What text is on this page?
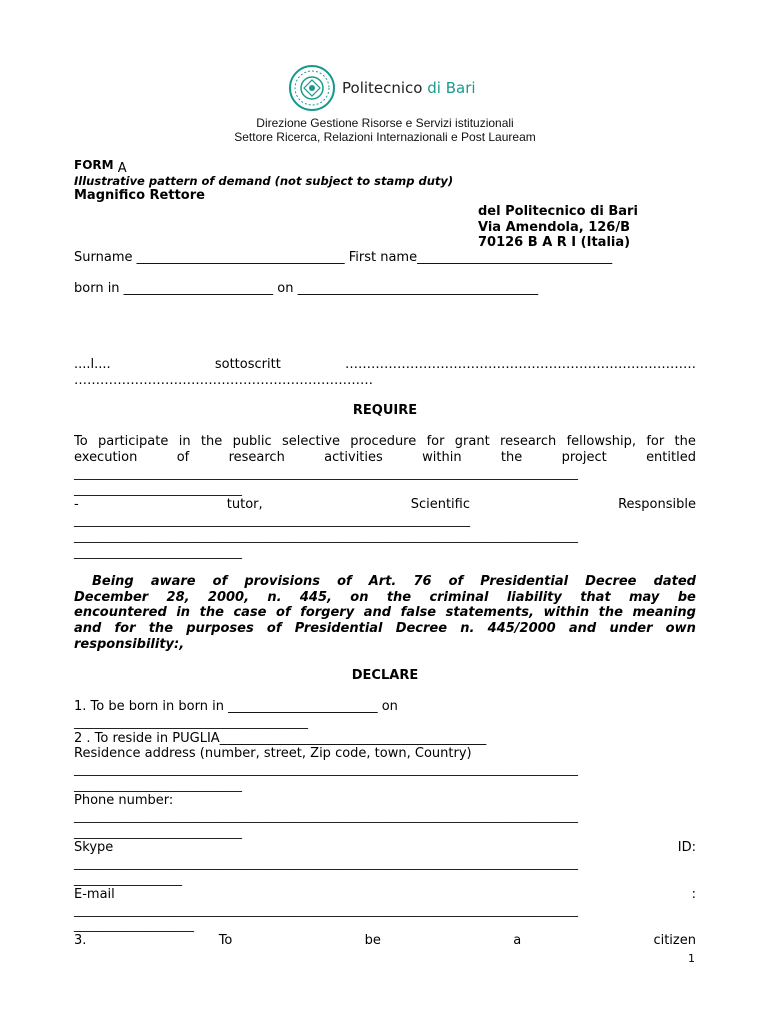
Politecnico di Bari
Direzione Gestione Risorse e Servizi istituzionali
Settore Ricerca, Relazioni Internazionali e Post Lauream
FORM A
Illustrative pattern of demand (not subject to stamp duty)
Magnifico Rettore
del Politecnico di Bari
Via Amendola, 126/B
70126 B A R I (Italia)
Surname ________________________________ First name______________________________
born in _______________________ on _____________________________________
....l....	sottoscritt	………………………………………………………………………
……………………………………………………………
REQUIRE
To participate in the public selective procedure for grant research fellowship, for the
execution	of	research	activities	within	the	project	entitled
____________________________________________________________________________________
____________________________
-	tutor,	Scientific	Responsible
__________________________________________________________________
____________________________________________________________________________________
____________________________
Being aware of provisions of Art. 76 of Presidential Decree dated
December 28, 2000, n. 445, on the criminal liability that may be
encountered in the case of forgery and false statements, within the meaning
and for the purposes of Presidential Decree n. 445/2000 and under own
responsibility:,
DECLARE
1. To be born in born in _______________________ on
_______________________________________
2 . To reside in PUGLIA_________________________________________
Residence address (number, street, Zip code, town, Country)
____________________________________________________________________________________
____________________________
Phone number:
____________________________________________________________________________________
____________________________
Skype	ID:
____________________________________________________________________________________
__________________
E-mail	:
____________________________________________________________________________________
____________________
3.	To	be	a	citizen
1
